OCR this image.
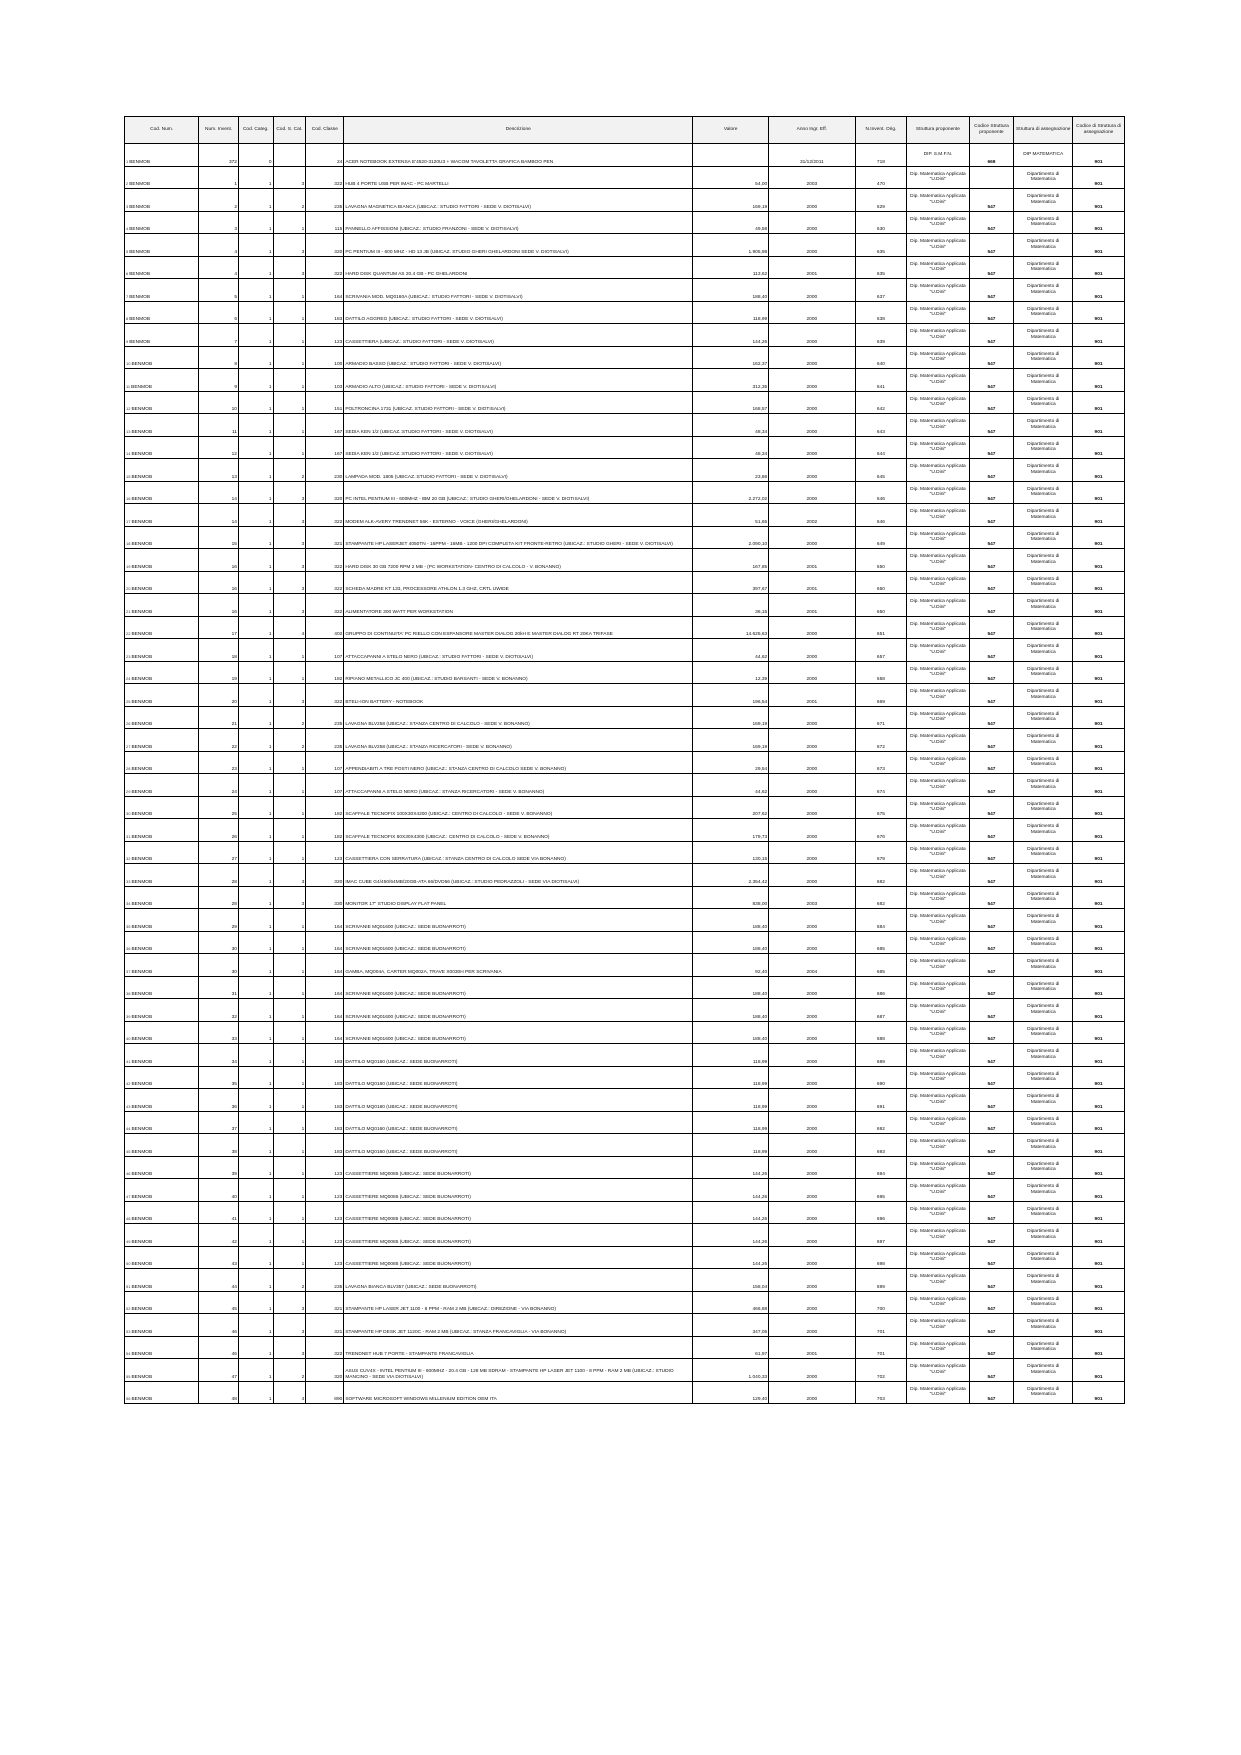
Cod. Num.	Num. Invent.	Cod. Categ.	Cod. S. Cat.	Cod. Classe	Descrizione	Valore	Anno Ingr. Eff.	N.Invent. Orig.	Struttura proponente	Codice Struttura proponente	Struttura di assegnazione	Codice di Struttura di assegnazione
1BENMOB	372	0		24	ACER NOTEBOOK EXTENSA E'4520-3120U3 + WACOM TAVOLETTA GRAFICA BAMBOO PEN		31/12/2011	718	DIP. S.M.F.N.	669	DIP MATEMATICA	901
2BENMOB	1	1	3	322	HUB 4 PORTE USB PER IMAC - PC MARTELLI	54,00	2003	470	Dip. Matematica Applicata "U.Dini"		Dipartimento di Matematica	901
3BENMOB	2	1	2	235	LAVAGNA MAGNETICA BIANCA (UBICAZ.: STUDIO FATTORI - SEDE V. DIOTISALVI)	169,19	2000	629	Dip. Matematica Applicata "U.Dini"	547	Dipartimento di Matematica	901
4BENMOB	3	1	1	115	PANNELLO AFFISSIONI (UBICAZ.: STUDIO FRANZONI - SEDE V. DIOTISALVI)	49,58	2000	630	Dip. Matematica Applicata "U.Dini"	547	Dipartimento di Matematica	901
5BENMOB	4	1	3	320	PC PENTIUM III - 600 MHZ - HD 13 JB (UBICAZ. STUDIO GHERI GHELARDONI SEDE V. DIOTISALVI)	1.905,98	2000	635	Dip. Matematica Applicata "U.Dini"	547	Dipartimento di Matematica	901
6BENMOB	4	1	3	322	HARD DISK QUANTUM AS 20.4 GB - PC GHELARDONI	113,62	2001	635	Dip. Matematica Applicata "U.Dini"	547	Dipartimento di Matematica	901
7BENMOB	5	1	1	164	SCRIVANIA MOD. MQ0160A (UBICAZ.: STUDIO FATTORI - SEDE V. DIOTISALVI)	188,40	2000	637	Dip. Matematica Applicata "U.Dini"	547	Dipartimento di Matematica	901
8BENMOB	6	1	1	183	DATTILO AGGREG (UBICAZ.: STUDIO FATTORI - SEDE V. DIOTISALVI)	118,99	2000	638	Dip. Matematica Applicata "U.Dini"	547	Dipartimento di Matematica	901
9BENMOB	7	1	1	123	CASSETTIERA (UBICAZ.: STUDIO FATTORI - SEDE V. DIOTISALVI)	144,26	2000	639	Dip. Matematica Applicata "U.Dini"	547	Dipartimento di Matematica	901
10BENMOB	8	1	1	100	ARMADIO BASSO (UBICAZ.: STUDIO FATTORI - SEDE V. DIOTISALVI)	162,37	2000	640	Dip. Matematica Applicata "U.Dini"	547	Dipartimento di Matematica	901
11BENMOB	9	1	1	103	ARMADIO ALTO (UBICAZ.: STUDIO FATTORI - SEDE V. DIOTISALVI)	312,35	2000	641	Dip. Matematica Applicata "U.Dini"	547	Dipartimento di Matematica	901
12BENMOB	10	1	1	151	POLTRONCINA 1731 (UBICAZ. STUDIO FATTORI - SEDE V. DIOTISALVI)	168,57	2000	642	Dip. Matematica Applicata "U.Dini"	547	Dipartimento di Matematica	901
13BENMOB	11	1	1	167	SEDIA KEN 1/2 (UBICAZ.:STUDIO FATTORI - SEDE V. DIOTISALVI)	48,34	2000	643	Dip. Matematica Applicata "U.Dini"	547	Dipartimento di Matematica	901
14BENMOB	12	1	1	167	SEDIA KEN 1/2 (UBICAZ.:STUDIO FATTORI - SEDE V. DIOTISALVI)	48,34	2000	644	Dip. Matematica Applicata "U.Dini"	547	Dipartimento di Matematica	901
15BENMOB	13	1	2	230	LAMPADA MOD. 1805 (UBICAZ.:STUDIO FATTORI - SEDE V. DIOTISALVI)	23,86	2000	645	Dip. Matematica Applicata "U.Dini"	547	Dipartimento di Matematica	901
16BENMOB	14	1	3	320	PC INTEL PENTIUM III - 600MHZ - IBM 20 GB (UBICAZ.: STUDIO GHERI/GHELARDONI - SEDE V. DIOTISALVI)	2.272,02	2000	646	Dip. Matematica Applicata "U.Dini"	547	Dipartimento di Matematica	901
17BENMOB	14	1	3	322	MODEM ALK-AVERY TRENDNET 56K - ESTERNO - VOICE (GHERI/GHELARDONI)	51,65	2002	646	Dip. Matematica Applicata "U.Dini"	547	Dipartimento di Matematica	901
18BENMOB	15	1	3	321	STAMPANTE HP LASERJET 4050TN - 16PPM - 16MB - 1200 DPI COMPLETA KIT FRONTE-RETRO (UBICAZ.: STUDIO GHERI - SEDE V. DIOTISALVI)	2.090,10	2000	649	Dip. Matematica Applicata "U.Dini"	547	Dipartimento di Matematica	901
19BENMOB	16	1	3	322	HARD DISK 30 GB 7200 RPM 2 MB - (PC WORKSTATION- CENTRO DI CALCOLO - V. BONANNO)	167,85	2001	650	Dip. Matematica Applicata "U.Dini"	547	Dipartimento di Matematica	901
20BENMOB	16	1	3	322	SCHEDA MADRE KT 133, PROCESSORE ATHLON 1.3 GHZ, CRTL UWIDE	397,67	2001	650	Dip. Matematica Applicata "U.Dini"	547	Dipartimento di Matematica	901
21BENMOB	16	1	3	322	ALIMENTATORE 300 WATT PER WORKSTATION	36,15	2001	650	Dip. Matematica Applicata "U.Dini"	547	Dipartimento di Matematica	901
22BENMOB	17	1	4	402	GRUPPO DI CONTINUITA' PC RIELLO CON ESPANSORE MASTER DIALOG 20kH E MASTER DIALOG RT 20KA TRIFASE	14.625,63	2000	651	Dip. Matematica Applicata "U.Dini"	547	Dipartimento di Matematica	901
23BENMOB	18	1	1	107	ATTACCAPANNI A STELO NERO (UBICAZ.: STUDIO FATTORI - SEDE V. DIOTISALVI)	44,62	2000	657	Dip. Matematica Applicata "U.Dini"	547	Dipartimento di Matematica	901
24BENMOB	19	1	1	182	RIPIANO METALLICO JC 400 (UBICAZ.: STUDIO BARSANTI - SEDE V. BONANNO)	12,39	2000	658	Dip. Matematica Applicata "U.Dini"	547	Dipartimento di Matematica	901
25BENMOB	20	1	3	322	BTELI-ION BATTERY - NOTEBOOK	196,54	2001	669	Dip. Matematica Applicata "U.Dini"	547	Dipartimento di Matematica	901
26BENMOB	21	1	2	235	LAVAGNA BLV258 (UBICAZ.: STANZA CENTRO DI CALCOLO - SEDE V. BONANNO)	169,19	2000	671	Dip. Matematica Applicata "U.Dini"	547	Dipartimento di Matematica	901
27BENMOB	22	1	2	235	LAVAGNA BLV258 (UBICAZ.: STANZA RICERCATORI - SEDE V. BONANNO)	169,19	2000	672	Dip. Matematica Applicata "U.Dini"	547	Dipartimento di Matematica	901
28BENMOB	23	1	1	107	APPENDIABITI A TRE POSTI NERO (UBICAZ.: STANZA CENTRO DI CALCOLO SEDE V. BONANNO)	29,54	2000	673	Dip. Matematica Applicata "U.Dini"	547	Dipartimento di Matematica	901
29BENMOB	24	1	1	107	ATTACCAPANNI A STELO NERO (UBICAZ.: STANZA RICERCATORI - SEDE V. BONANNO)	44,62	2000	674	Dip. Matematica Applicata "U.Dini"	547	Dipartimento di Matematica	901
30BENMOB	25	1	1	182	SCAFFALE TECNOFIX 100X30X4200 (UBICAZ.: CENTRO DI CALCOLO - SEDE V. BONANNO)	207,62	2000	675	Dip. Matematica Applicata "U.Dini"	547	Dipartimento di Matematica	901
31BENMOB	26	1	1	182	SCAFFALE TECNOFIX 80X30X4300 (UBICAZ.: CENTRO DI CALCOLO - SEDE V. BONANNO)	179,73	2000	676	Dip. Matematica Applicata "U.Dini"	547	Dipartimento di Matematica	901
32BENMOB	27	1	1	123	CASSETTIERA CON SERRATURA (UBICAZ.: STANZA CENTRO DI CALCOLO SEDE VIA BONANNO)	130,15	2000	679	Dip. Matematica Applicata "U.Dini"	547	Dipartimento di Matematica	901
33BENMOB	28	1	3	320	IMAC CUBE G4/450/64MB/20GB-ATA 66/DVD56 (UBICAZ.: STUDIO PEDRAZZOLI - SEDE VIA DIOTISALVI)	2.354,42	2000	682	Dip. Matematica Applicata "U.Dini"	547	Dipartimento di Matematica	901
34BENMOB	28	1	3	330	MONITOR 17" STUDIO DISPLAY FLAT PANEL	838,00	2003	682	Dip. Matematica Applicata "U.Dini"	547	Dipartimento di Matematica	901
35BENMOB	29	1	1	164	SCRIVANIE MQ01600 (UBICAZ.: SEDE BUONARROTI)	188,40	2000	684	Dip. Matematica Applicata "U.Dini"	547	Dipartimento di Matematica	901
36BENMOB	30	1	1	164	SCRIVANIE MQ01600 (UBICAZ.: SEDE BUONARROTI)	188,40	2000	685	Dip. Matematica Applicata "U.Dini"	547	Dipartimento di Matematica	901
37BENMOB	30	1	1	164	GAMBA, MQ004A, CARTER MQ002A, TRAVE X0030H PER SCRIVANIA	92,40	2004	685	Dip. Matematica Applicata "U.Dini"	547	Dipartimento di Matematica	901
38BENMOB	31	1	1	164	SCRIVANIE MQ01600 (UBICAZ.: SEDE BUONARROTI)	188,40	2000	686	Dip. Matematica Applicata "U.Dini"	547	Dipartimento di Matematica	901
39BENMOB	32	1	1	164	SCRIVANIE MQ01600 (UBICAZ.: SEDE BUONARROTI)	188,40	2000	687	Dip. Matematica Applicata "U.Dini"	547	Dipartimento di Matematica	901
40BENMOB	33	1	1	164	SCRIVANIE MQ01600 (UBICAZ.: SEDE BUONARROTI)	188,40	2000	688	Dip. Matematica Applicata "U.Dini"	547	Dipartimento di Matematica	901
41BENMOB	34	1	1	183	DATTILO MQ0160 (UBICAZ.: SEDE BUONARROTI)	118,99	2000	689	Dip. Matematica Applicata "U.Dini"	547	Dipartimento di Matematica	901
42BENMOB	35	1	1	183	DATTILO MQ0160 (UBICAZ.: SEDE BUONARROTI)	118,99	2000	690	Dip. Matematica Applicata "U.Dini"	547	Dipartimento di Matematica	901
43BENMOB	36	1	1	183	DATTILO MQ0160 (UBICAZ.: SEDE BUONARROTI)	118,99	2000	691	Dip. Matematica Applicata "U.Dini"	547	Dipartimento di Matematica	901
44BENMOB	37	1	1	183	DATTILO MQ0160 (UBICAZ.: SEDE BUONARROTI)	118,99	2000	692	Dip. Matematica Applicata "U.Dini"	547	Dipartimento di Matematica	901
45BENMOB	38	1	1	183	DATTILO MQ0160 (UBICAZ.: SEDE BUONARROTI)	118,99	2000	693	Dip. Matematica Applicata "U.Dini"	547	Dipartimento di Matematica	901
46BENMOB	39	1	1	123	CASSETTIERE MQ0085 (UBICAZ.: SEDE BUONARROTI)	144,26	2000	694	Dip. Matematica Applicata "U.Dini"	547	Dipartimento di Matematica	901
47BENMOB	40	1	1	123	CASSETTIERE MQ0085 (UBICAZ.: SEDE BUONARROTI)	144,26	2000	695	Dip. Matematica Applicata "U.Dini"	547	Dipartimento di Matematica	901
48BENMOB	41	1	1	123	CASSETTIERE MQ0085 (UBICAZ.: SEDE BUONARROTI)	144,26	2000	696	Dip. Matematica Applicata "U.Dini"	547	Dipartimento di Matematica	901
49BENMOB	42	1	1	123	CASSETTIERE MQ0085 (UBICAZ.: SEDE BUONARROTI)	144,26	2000	697	Dip. Matematica Applicata "U.Dini"	547	Dipartimento di Matematica	901
50BENMOB	43	1	1	123	CASSETTIERE MQ0085 (UBICAZ.: SEDE BUONARROTI)	144,26	2000	698	Dip. Matematica Applicata "U.Dini"	547	Dipartimento di Matematica	901
51BENMOB	44	1	2	235	LAVAGNA BIANCA BLV357 (UBICAZ.: SEDE BUONARROTI)	158,04	2000	699	Dip. Matematica Applicata "U.Dini"	547	Dipartimento di Matematica	901
52BENMOB	45	1	3	321	STAMPANTE HP LASER JET 1100 - 8 PPM - RAM 2 MB (UBICAZ.: DIREZIONE - VIA BONANNO)	466,88	2000	700	Dip. Matematica Applicata "U.Dini"	547	Dipartimento di Matematica	901
53BENMOB	46	1	3	321	STAMPANTE HP DESK JET 1120C - RAM 2 MB (UBICAZ.: STANZA FRANCAVIGLIA - VIA BONANNO)	347,05	2000	701	Dip. Matematica Applicata "U.Dini"	547	Dipartimento di Matematica	901
54BENMOB	46	1	3	322	TRENDNET HUB 7 PORTE - STAMPANTE FRANCAVIGLIA	61,97	2001	701	Dip. Matematica Applicata "U.Dini"	547	Dipartimento di Matematica	901
55BENMOB	47	1	2	320	ASUS CUV4X - INTEL PENTIUM III - 600MHZ - 20.4 GB - 128 MB SDRAM - STAMPANTE HP LASER JET 1100 - 8 PPM - RAM 2 MB (UBICAZ.: STUDIO MANCINO - SEDE VIA DIOTISALVI)	1.040,33	2000	702	Dip. Matematica Applicata "U.Dini"	547	Dipartimento di Matematica	901
56BENMOB	48	1	4	890	SOFTWARE MICROSOFT WINDOWS MILLENIUM EDITION OEM ITA	129,40	2000	703	Dip. Matematica Applicata "U.Dini"	547	Dipartimento di Matematica	901
